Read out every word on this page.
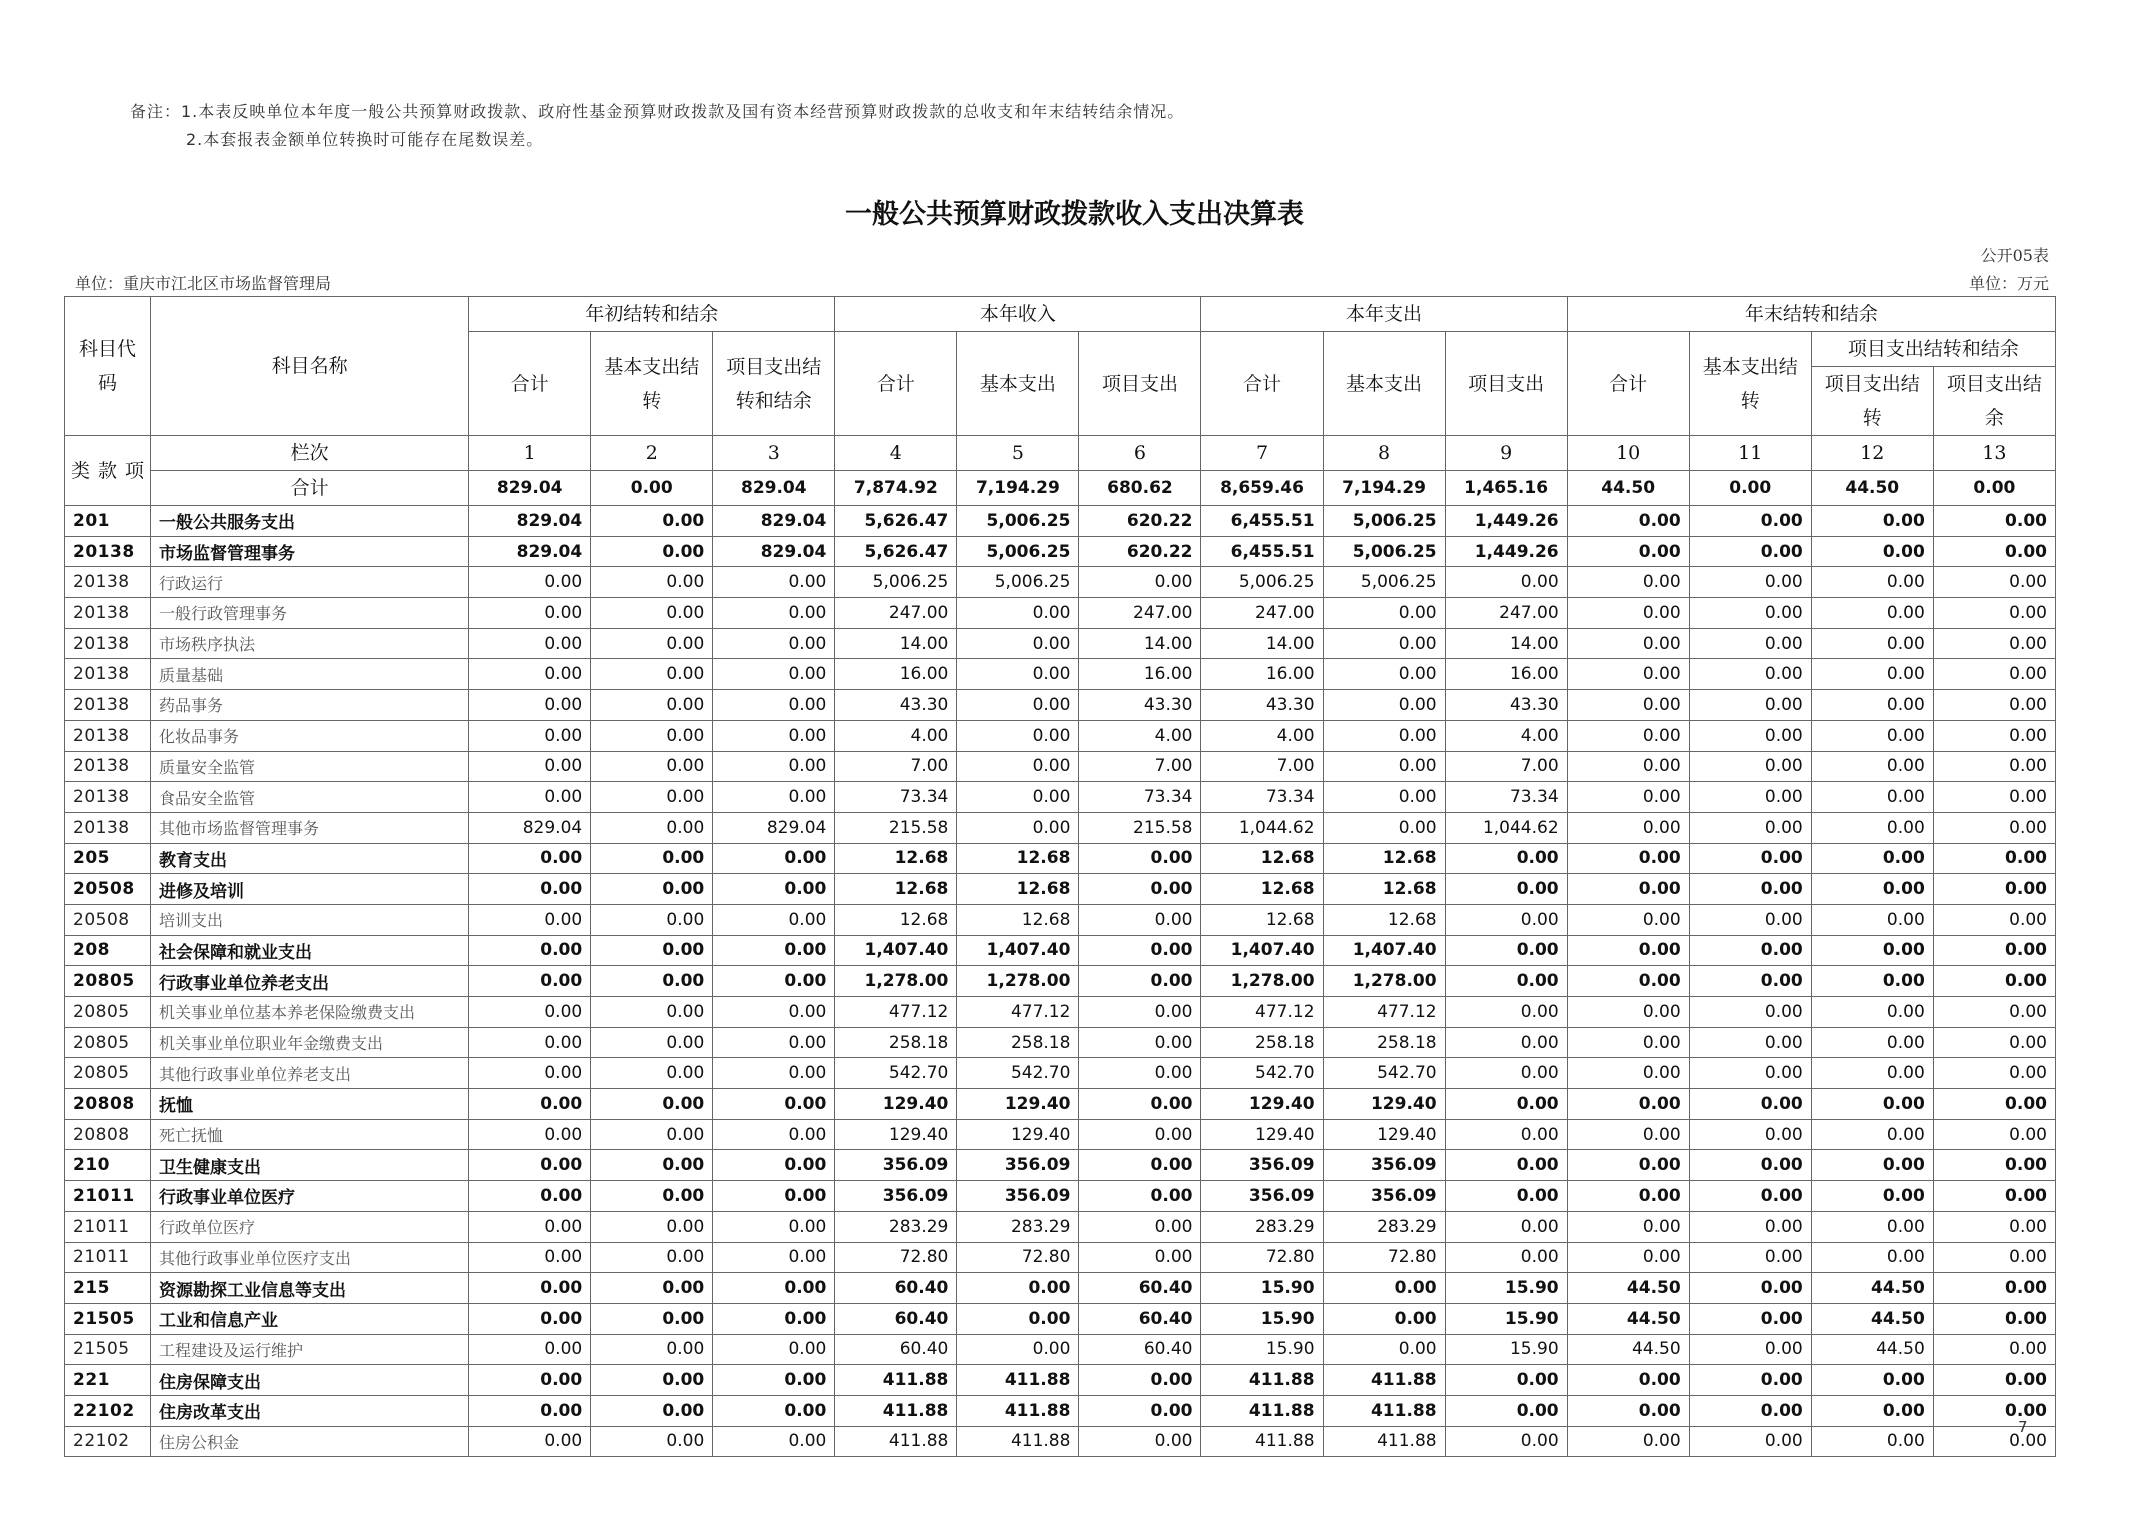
备注：1.本表反映单位本年度一般公共预算财政拨款、政府性基金预算财政拨款及国有资本经营预算财政拨款的总收支和年末结转结余情况。
2.本套报表金额单位转换时可能存在尾数误差。
一般公共预算财政拨款收入支出决算表
公开05表
单位：重庆市江北区市场监督管理局	单位：万元
科目代码	科目名称	年初结转和结余			本年收入			本年支出			年末结转和结余			
		合计	基本支出结转	项目支出结转和结余	合计	基本支出	项目支出	合计	基本支出	项目支出	合计	基本支出结转	项目支出结转和结余	
													项目支出结转	项目支出结余

类 款 项	栏次	1	2	3	4	5	6	7	8	9	10	11	12	13
	合计	829.04	0.00	829.04	7,874.92	7,194.29	680.62	8,659.46	7,194.29	1,465.16	44.50	0.00	44.50	0.00
201	一般公共服务支出	829.04	0.00	829.04	5,626.47	5,006.25	620.22	6,455.51	5,006.25	1,449.26	0.00	0.00	0.00	0.00
20138	市场监督管理事务	829.04	0.00	829.04	5,626.47	5,006.25	620.22	6,455.51	5,006.25	1,449.26	0.00	0.00	0.00	0.00
20138	行政运行	0.00	0.00	0.00	5,006.25	5,006.25	0.00	5,006.25	5,006.25	0.00	0.00	0.00	0.00	0.00
20138	一般行政管理事务	0.00	0.00	0.00	247.00	0.00	247.00	247.00	0.00	247.00	0.00	0.00	0.00	0.00
20138	市场秩序执法	0.00	0.00	0.00	14.00	0.00	14.00	14.00	0.00	14.00	0.00	0.00	0.00	0.00
20138	质量基础	0.00	0.00	0.00	16.00	0.00	16.00	16.00	0.00	16.00	0.00	0.00	0.00	0.00
20138	药品事务	0.00	0.00	0.00	43.30	0.00	43.30	43.30	0.00	43.30	0.00	0.00	0.00	0.00
20138	化妆品事务	0.00	0.00	0.00	4.00	0.00	4.00	4.00	0.00	4.00	0.00	0.00	0.00	0.00
20138	质量安全监管	0.00	0.00	0.00	7.00	0.00	7.00	7.00	0.00	7.00	0.00	0.00	0.00	0.00
20138	食品安全监管	0.00	0.00	0.00	73.34	0.00	73.34	73.34	0.00	73.34	0.00	0.00	0.00	0.00
20138	其他市场监督管理事务	829.04	0.00	829.04	215.58	0.00	215.58	1,044.62	0.00	1,044.62	0.00	0.00	0.00	0.00
205	教育支出	0.00	0.00	0.00	12.68	12.68	0.00	12.68	12.68	0.00	0.00	0.00	0.00	0.00
20508	进修及培训	0.00	0.00	0.00	12.68	12.68	0.00	12.68	12.68	0.00	0.00	0.00	0.00	0.00
20508	培训支出	0.00	0.00	0.00	12.68	12.68	0.00	12.68	12.68	0.00	0.00	0.00	0.00	0.00
208	社会保障和就业支出	0.00	0.00	0.00	1,407.40	1,407.40	0.00	1,407.40	1,407.40	0.00	0.00	0.00	0.00	0.00
20805	行政事业单位养老支出	0.00	0.00	0.00	1,278.00	1,278.00	0.00	1,278.00	1,278.00	0.00	0.00	0.00	0.00	0.00
20805	机关事业单位基本养老保险缴费支出	0.00	0.00	0.00	477.12	477.12	0.00	477.12	477.12	0.00	0.00	0.00	0.00	0.00
20805	机关事业单位职业年金缴费支出	0.00	0.00	0.00	258.18	258.18	0.00	258.18	258.18	0.00	0.00	0.00	0.00	0.00
20805	其他行政事业单位养老支出	0.00	0.00	0.00	542.70	542.70	0.00	542.70	542.70	0.00	0.00	0.00	0.00	0.00
20808	抚恤	0.00	0.00	0.00	129.40	129.40	0.00	129.40	129.40	0.00	0.00	0.00	0.00	0.00
20808	死亡抚恤	0.00	0.00	0.00	129.40	129.40	0.00	129.40	129.40	0.00	0.00	0.00	0.00	0.00
210	卫生健康支出	0.00	0.00	0.00	356.09	356.09	0.00	356.09	356.09	0.00	0.00	0.00	0.00	0.00
21011	行政事业单位医疗	0.00	0.00	0.00	356.09	356.09	0.00	356.09	356.09	0.00	0.00	0.00	0.00	0.00
21011	行政单位医疗	0.00	0.00	0.00	283.29	283.29	0.00	283.29	283.29	0.00	0.00	0.00	0.00	0.00
21011	其他行政事业单位医疗支出	0.00	0.00	0.00	72.80	72.80	0.00	72.80	72.80	0.00	0.00	0.00	0.00	0.00
215	资源勘探工业信息等支出	0.00	0.00	0.00	60.40	0.00	60.40	15.90	0.00	15.90	44.50	0.00	44.50	0.00
21505	工业和信息产业	0.00	0.00	0.00	60.40	0.00	60.40	15.90	0.00	15.90	44.50	0.00	44.50	0.00
21505	工程建设及运行维护	0.00	0.00	0.00	60.40	0.00	60.40	15.90	0.00	15.90	44.50	0.00	44.50	0.00
221	住房保障支出	0.00	0.00	0.00	411.88	411.88	0.00	411.88	411.88	0.00	0.00	0.00	0.00	0.00
22102	住房改革支出	0.00	0.00	0.00	411.88	411.88	0.00	411.88	411.88	0.00	0.00	0.00	0.00	0.00
22102	住房公积金	0.00	0.00	0.00	411.88	411.88	0.00	411.88	411.88	0.00	0.00	0.00	0.00	0.00
7
